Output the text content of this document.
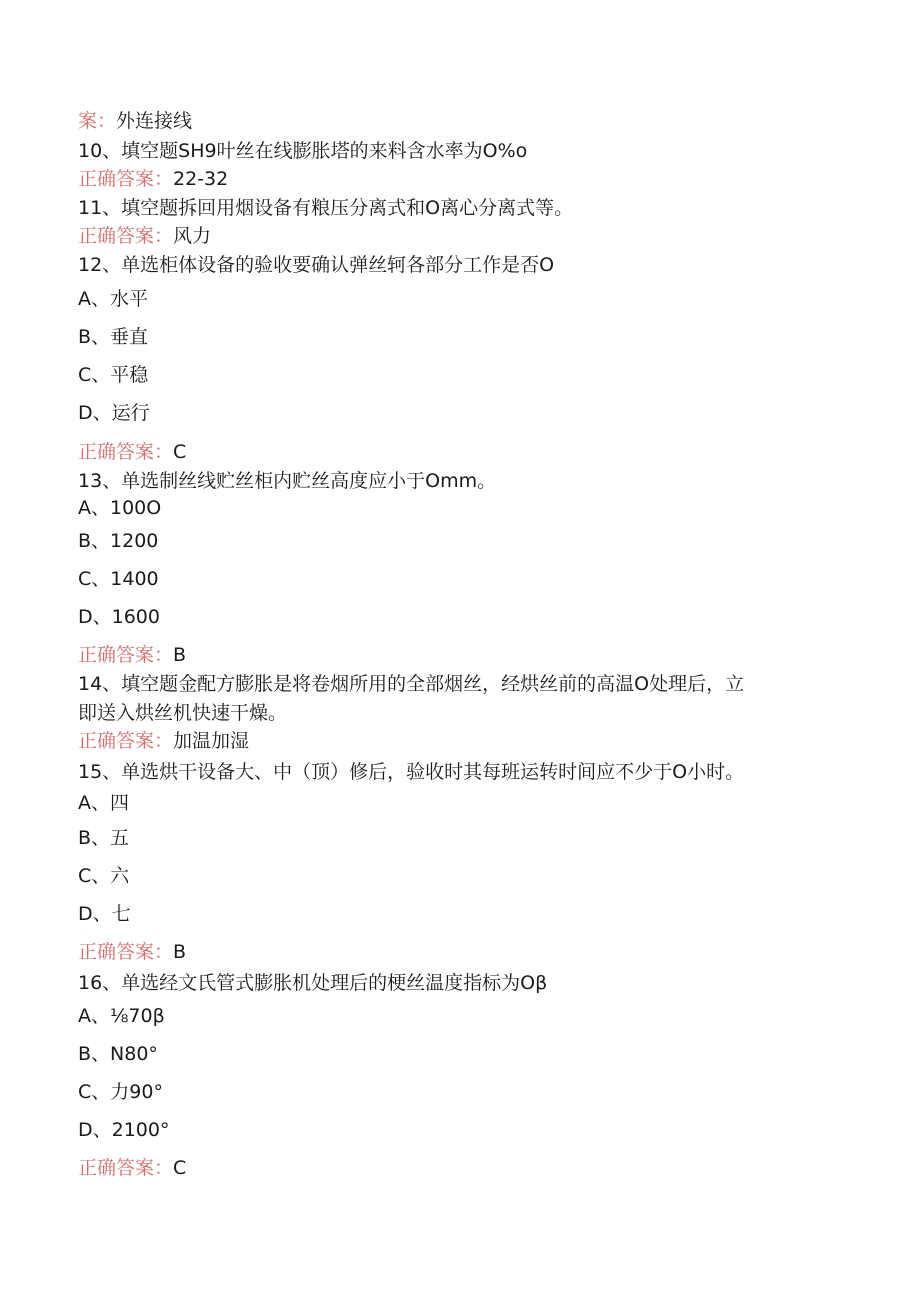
案：外连接线
10、填空题SH9叶丝在线膨胀塔的来料含水率为O%o
正确答案：22-32
11、填空题拆回用烟设备有粮压分离式和O离心分离式等。
正确答案：风力
12、单选柜体设备的验收要确认弹丝轲各部分工作是否O
A、水平
B、垂直
C、平稳
D、运行
正确答案：C
13、单选制丝线贮丝柜内贮丝高度应小于Omm。
A、100O
B、1200
C、1400
D、1600
正确答案：B
14、填空题金配方膨胀是将卷烟所用的全部烟丝，经烘丝前的高温O处理后，立
即送入烘丝机快速干燥。
正确答案：加温加湿
15、单选烘干设备大、中（顶）修后，验收时其每班运转时间应不少于O小时。
A、四
B、五
C、六
D、七
正确答案：B
16、单选经文氏管式膨胀机处理后的梗丝温度指标为Oβ
A、⅛70β
B、N80°
C、力90°
D、2100°
正确答案：C
